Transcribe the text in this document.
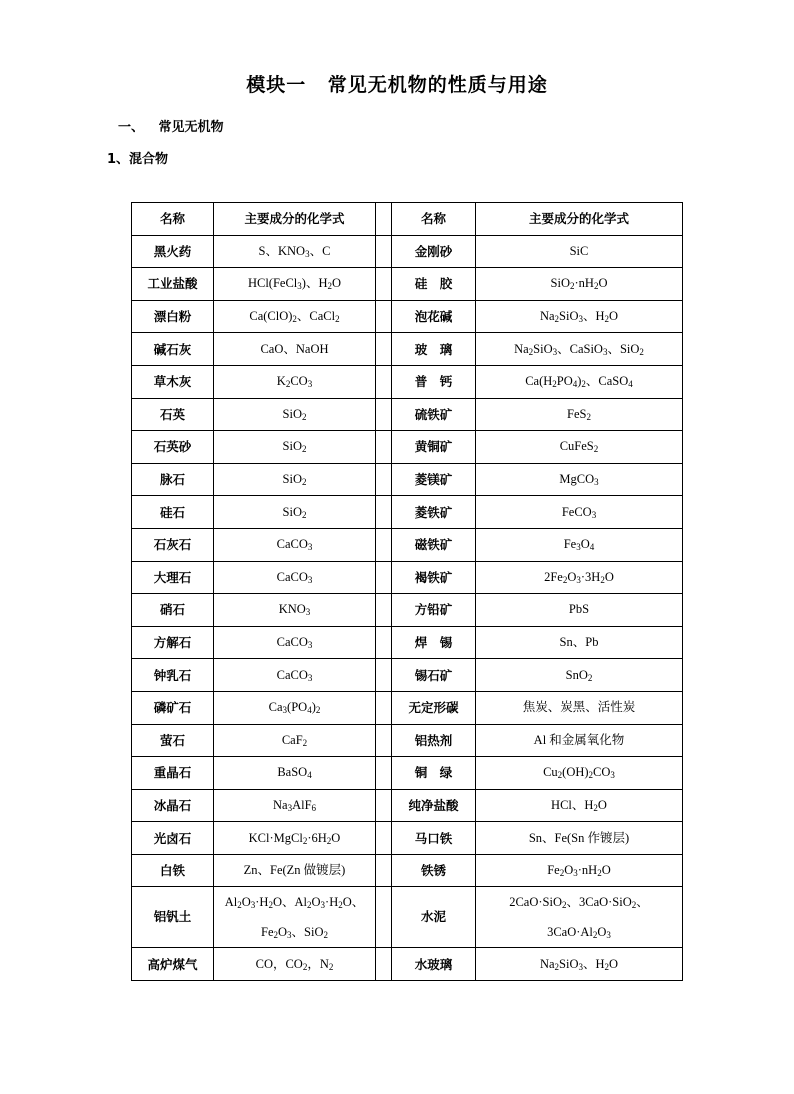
模块一 常见无机物的性质与用途
一、 常见无机物
1、混合物
名称	主要成分的化学式		名称	主要成分的化学式
黑火药	S、$KNO_3$、C		金刚砂	SiC
工业盐酸	HCl(FeCl$_3$)、$H_2O$		硅　胶	$SiO_2\cdot nH_2O$
漂白粉	$Ca(ClO)_2$、CaCl$_2$		泡花碱	$Na_2SiO_3$、$H_2O$
碱石灰	CaO、NaOH		玻　璃	$Na_2SiO_3$、CaSiO$_3$、SiO$_2$
草木灰	$K_2CO_3$		普　钙	$Ca(H_2PO_4)_2$、CaSO$_4$
石英	SiO$_2$		硫铁矿	FeS$_2$
石英砂	SiO$_2$		黄铜矿	CuFeS$_2$
脉石	SiO$_2$		菱镁矿	MgCO$_3$
硅石	SiO$_2$		菱铁矿	FeCO$_3$
石灰石	CaCO$_3$		磁铁矿	$Fe_3O_4$
大理石	CaCO$_3$		褐铁矿	$2Fe_2O_3\cdot 3H_2O$
硝石	$KNO_3$		方铅矿	PbS
方解石	CaCO$_3$		焊　锡	Sn、Pb
钟乳石	CaCO$_3$		锡石矿	SnO$_2$
磷矿石	$Ca_3(PO_4)_2$		无定形碳	焦炭、炭黑、活性炭
萤石	CaF$_2$		铝热剂	Al 和金属氧化物
重晶石	BaSO$_4$		铜　绿	$Cu_2(OH)_2CO_3$
冰晶石	$Na_3AlF_6$		纯净盐酸	HCl、$H_2O$
光卤石	$KCl\cdot MgCl_2\cdot 6H_2O$		马口铁	Sn、Fe(Sn 作镀层)
白铁	Zn、Fe(Zn 做镀层)		铁锈	$Fe_2O_3\cdot nH_2O$
铝钒土	$Al_2O_3\cdot H_2O$、$Al_2O_3\cdot H_2O$、$Fe_2O_3$、SiO$_2$		水泥	2CaO·SiO$_2$、3CaO·SiO$_2$、$3CaO\cdot Al_2O_3$
高炉煤气	CO，$CO_2$，$N_2$		水玻璃	$Na_2SiO_3$、$H_2O$
